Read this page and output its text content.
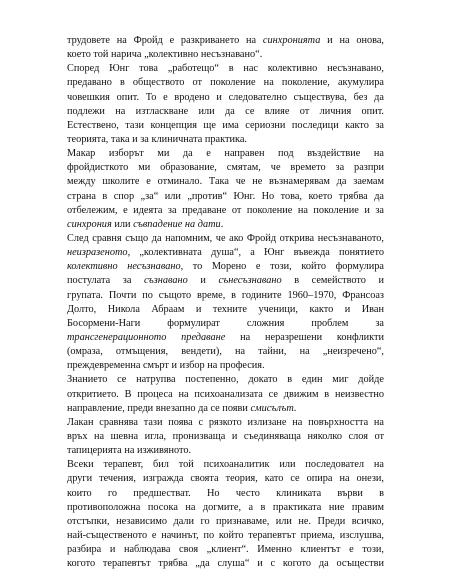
трудовете на Фройд е разкриването на синхронията и на онова,
което той нарича „колективно несъзнавано“.
Според Юнг това „работещо“ в нас колективно несъзнавано,
предавано в обществото от поколение на поколение, акумулира
човешкия опит. То е вродено и следователно съществува, без да
подлежи на изтласкване или да се влияе от личния опит.
Естествено, тази концепция ще има сериозни последици както за
теорията, така и за клиничната практика.
Макар изборът ми да е направен под въздействие на
фройдисткото ми образование, смятам, че времето за разпри
между школите е отминало. Така че не възнамерявам да заемам
страна в спор „за“ или „против“ Юнг. Но това, което трябва да
отбележим, е идеята за предаване от поколение на поколение и за
синхрония или съвпадение на дати.
След сравня също да напомним, че ако Фройд открива несъзнаваното,
неизразеното, „колективната душа“, а Юнг въвежда понятието
колективно несъзнавано, то Морено е този, който формулира
постулата за съзнавано и сънесъзнавано в семейството и
групата. Почти по същото време, в годините 1960–1970, Франсоаз
Долто, Никола Абраам и техните ученици, както и Иван
Босормени-Наги формулират сложния проблем за
трансгенерационното предаване на неразрешени конфликти
(омраза, отмъщения, вендети), на тайни, на „неизречено“,
преждевременна смърт и избор на професия.
Знанието се натрупва постепенно, докато в един миг дойде
откритието. В процеса на психоанализата се движим в неизвестно
направление, преди внезапно да се появи смисълът.
Лакан сравнява тази поява с рязкото излизане на повърхността на
връх на шевна игла, пронизваща и съединяваща няколко слоя от
тапицерията на изживяното.
Всеки терапевт, бил той психоаналитик или последовател на
други течения, изгражда своята теория, като се опира на онези,
които го предшестват. Но често клиниката върви в
противоположна посока на догмите, а в практиката ние правим
отстъпки, независимо дали го признаваме, или не. Преди всичко,
най-същественото е начинът, по който терапевтът приема, изслушва,
разбира и наблюдава своя „клиент“. Именно клиентът е този,
когото терапевтът трябва „да слуша“ и с когото да осъществи
